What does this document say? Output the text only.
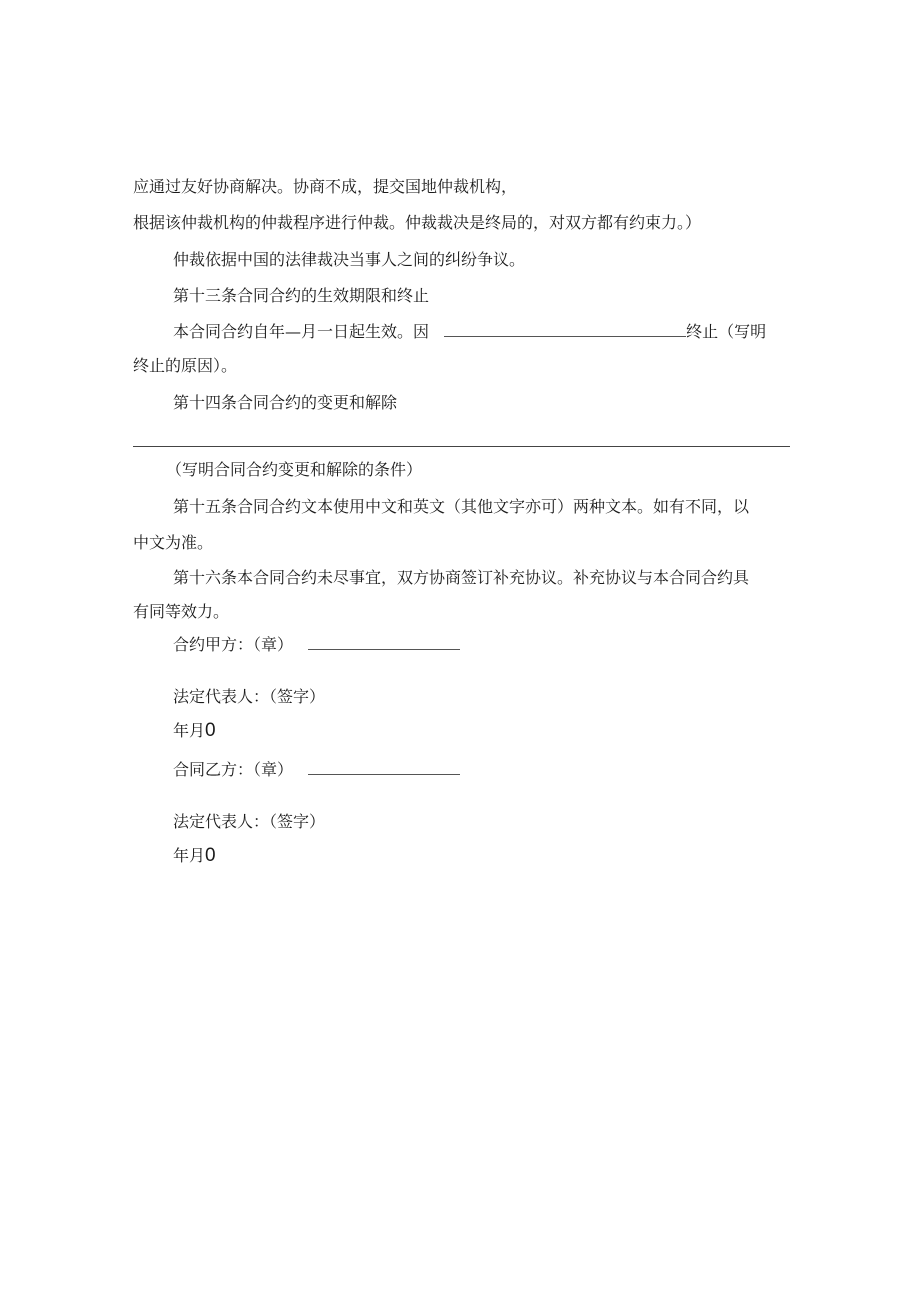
应通过友好协商解决。协商不成，提交国地仲裁机构，
根据该仲裁机构的仲裁程序进行仲裁。仲裁裁决是终局的，对双方都有约束力。）
仲裁依据中国的法律裁决当事人之间的纠纷争议。
第十三条合同合约的生效期限和终止
本合同合约自年—月一日起生效。因	终止（写明
终止的原因）。
第十四条合同合约的变更和解除
（写明合同合约变更和解除的条件）
第十五条合同合约文本使用中文和英文（其他文字亦可）两种文本。如有不同，以
中文为准。
第十六条本合同合约未尽事宜，双方协商签订补充协议。补充协议与本合同合约具
有同等效力。
合约甲方：（章）
法定代表人：（签字）
年月0
合同乙方：（章）
法定代表人：（签字）
年月0
